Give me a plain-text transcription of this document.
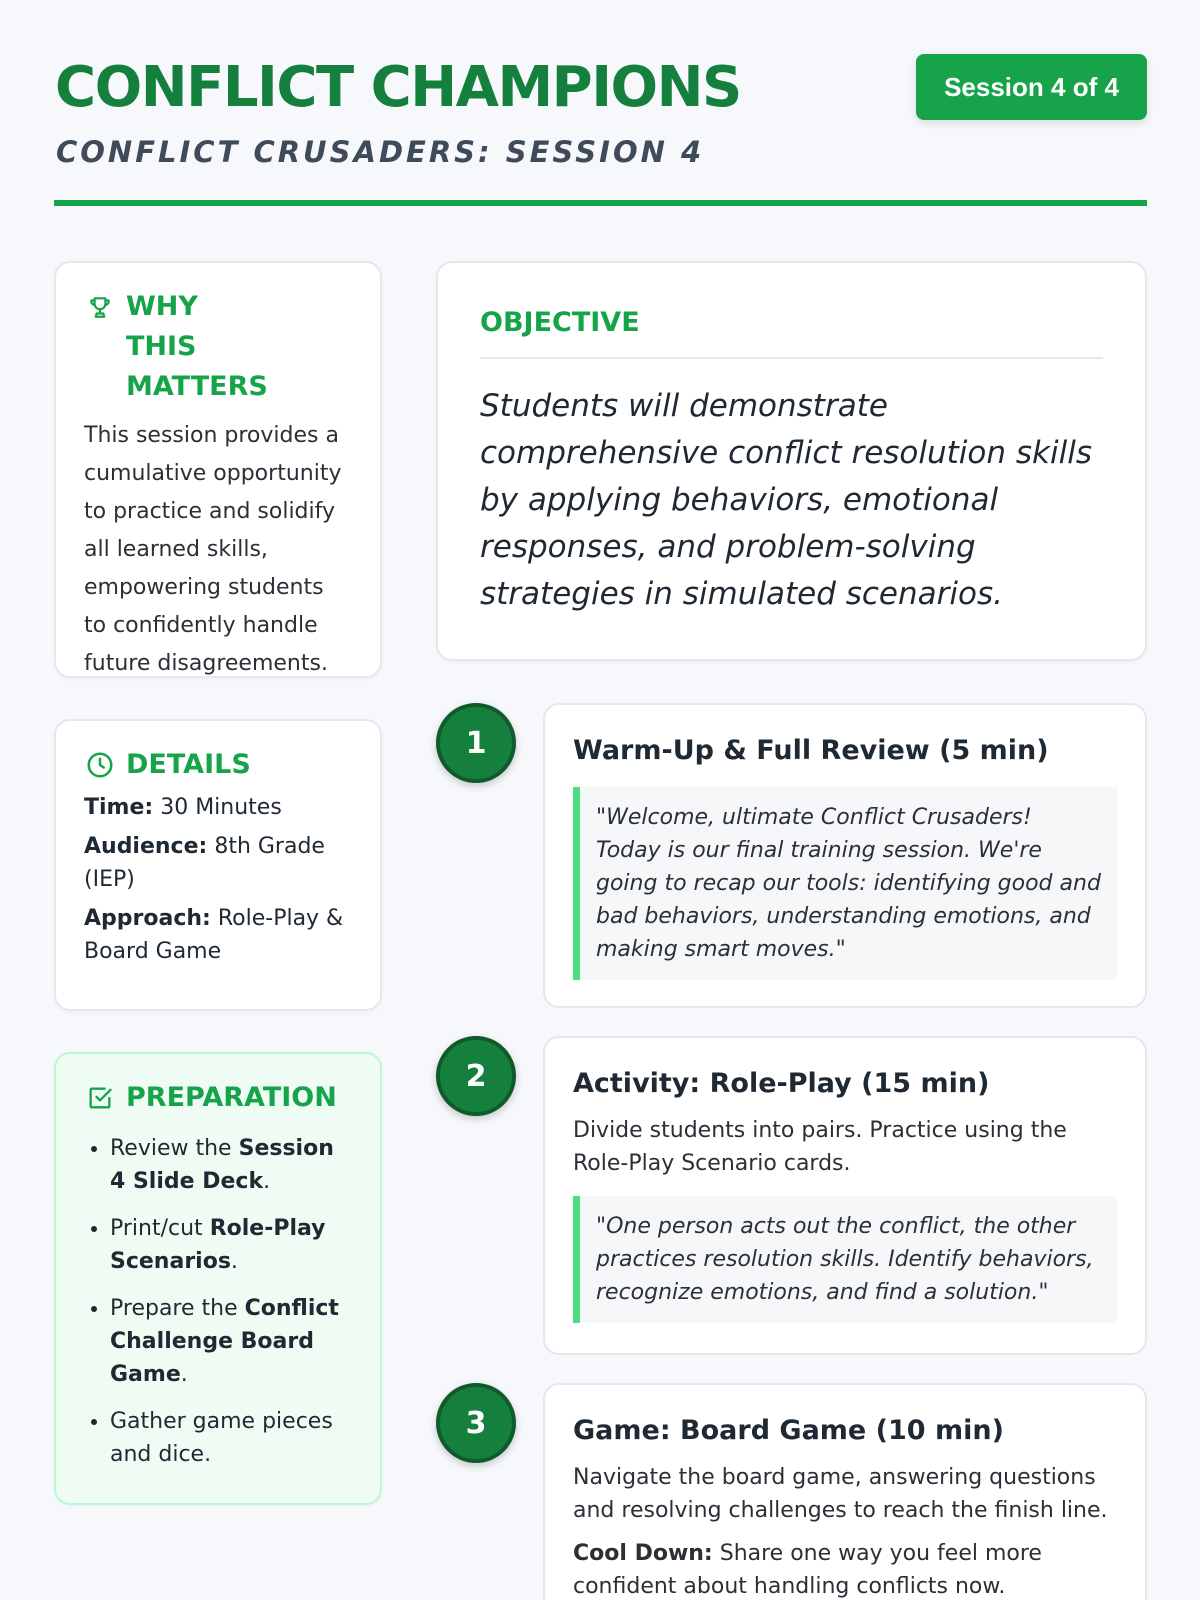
CONFLICT CHAMPIONS
CONFLICT CRUSADERS: SESSION 4
Session 4 of 4
WHY THIS MATTERS

This session provides a cumulative opportunity to practice and solidify all learned skills, empowering students to confidently handle future disagreements.

DETAILS
Time: 30 Minutes
Audience: 8th Grade (IEP)
Approach: Role-Play & Board Game
PREPARATION
• Review the Session 4 Slide Deck.
• Print/cut Role-Play Scenarios.
• Prepare the Conflict Challenge Board Game.
• Gather game pieces and dice.
OBJECTIVE

Students will demonstrate comprehensive conflict resolution skills by applying behaviors, emotional responses, and problem-solving strategies in simulated scenarios.

1	Warm-Up & Full Review (5 min)
"Welcome, ultimate Conflict Crusaders! Today is our final training session. We're going to recap our tools: identifying good and bad behaviors, understanding emotions, and making smart moves."
2	Activity: Role-Play (15 min)

Divide students into pairs. Practice using the Role-Play Scenario cards.

"One person acts out the conflict, the other practices resolution skills. Identify behaviors, recognize emotions, and find a solution."
3	Game: Board Game (10 min)

Navigate the board game, answering questions and resolving challenges to reach the finish line.

Cool Down: Share one way you feel more confident about handling conflicts now.
